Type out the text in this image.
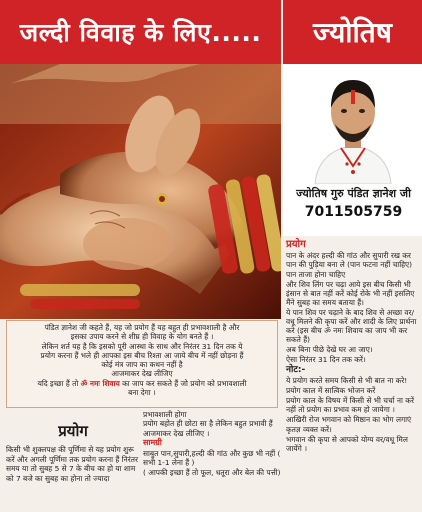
जल्दी विवाह के लिए..... ज्योतिष
ज्योतिष गुरु पंडित ज्ञानेश जी
7011505759
प्रयोग

पान के अंदर हल्दी की गांठ और सुपारी रख कर पान की पुड़िया बना ले (पान फटना नहीं चाहिए)

पान ताजा होना चाहिए

और शिव लिंग पर चढ़ा आये इस बीच किसी भी इंसान से बात नहीं करें कोई रोके भी नहीं इसलिए मैंने सुबह का समय बताया हैं।

ये पान शिव पर चढ़ाने के बाद शिव से अच्छा वर/वधू मिलने की कृपा करें और शादी के लिए प्रार्थना करे (इस बीच ॐ नमः शिवाय का जाप भी कर सकते हैं)

अब बिना पीछे देखे घर आ जाए।

ऐसा निरंतर 31 दिन तक करें।

नोट:-

ये प्रयोग करते समय किसी से भी बात ना करे!

प्रयोग काल में सात्विक भोजन करें

प्रयोग काल के विषय में किसी से भी चर्चा ना करें नहीं तो प्रयोग का प्रभाव कम हो जायेगा ।

आखिरी रोज भगवान को मिष्ठान का भोग लगाएं कृतज्ञ व्यक्त करें।

भगवान की कृपा से आपको योग्य वर/वधू मिल जायेंगे ।

पंडित ज्ञानेश जी कहते हैं, यह जो प्रयोग हैं यह बहुत ही प्रभावशाली है और
इसका उपाय करने से शीघ्र ही विवाह के योग बनते हैं ।
लेकिन शर्त यह है कि इसको पूरी आस्था के साथ और निरंतर 31 दिन तक ये
प्रयोग करना हैं भले ही आपका इस बीच रिश्ता आ जाये बीच में नहीं छोड़ना हैं
कोई मंत्र जाप का कथन नहीं है
आजमाकर देख लीजिए
यदि इच्छा हैं तो ॐ नमः शिवाय का जाप कर सकते हैं जो प्रयोग को प्रभावशाली
बना देगा ।
प्रयोग

किसी भी शुक्लपक्ष की पूर्णिमा से यह प्रयोग शुरू करें और अगली पूर्णिमा तक प्रयोग करना हैं निरंतर समय या तो सुबह 5 से 7 के बीच का हो या शाम को 7 बजे का सुबह का होना तो ज्यादा

प्रभावशाली होगा

प्रयोग बहोत ही छोटा सा है लेकिन बहुत प्रभावी हैं आजमाकर देख लीजिए ।

सामग्री

साबुत पान,सुपारी,हल्दी की गांठ और कुछ भी नहीं ( सभी 1-1 लेना हैं )

( आपकी इच्छा हैं तो फूल, धतूरा और बेल की पत्ती)
